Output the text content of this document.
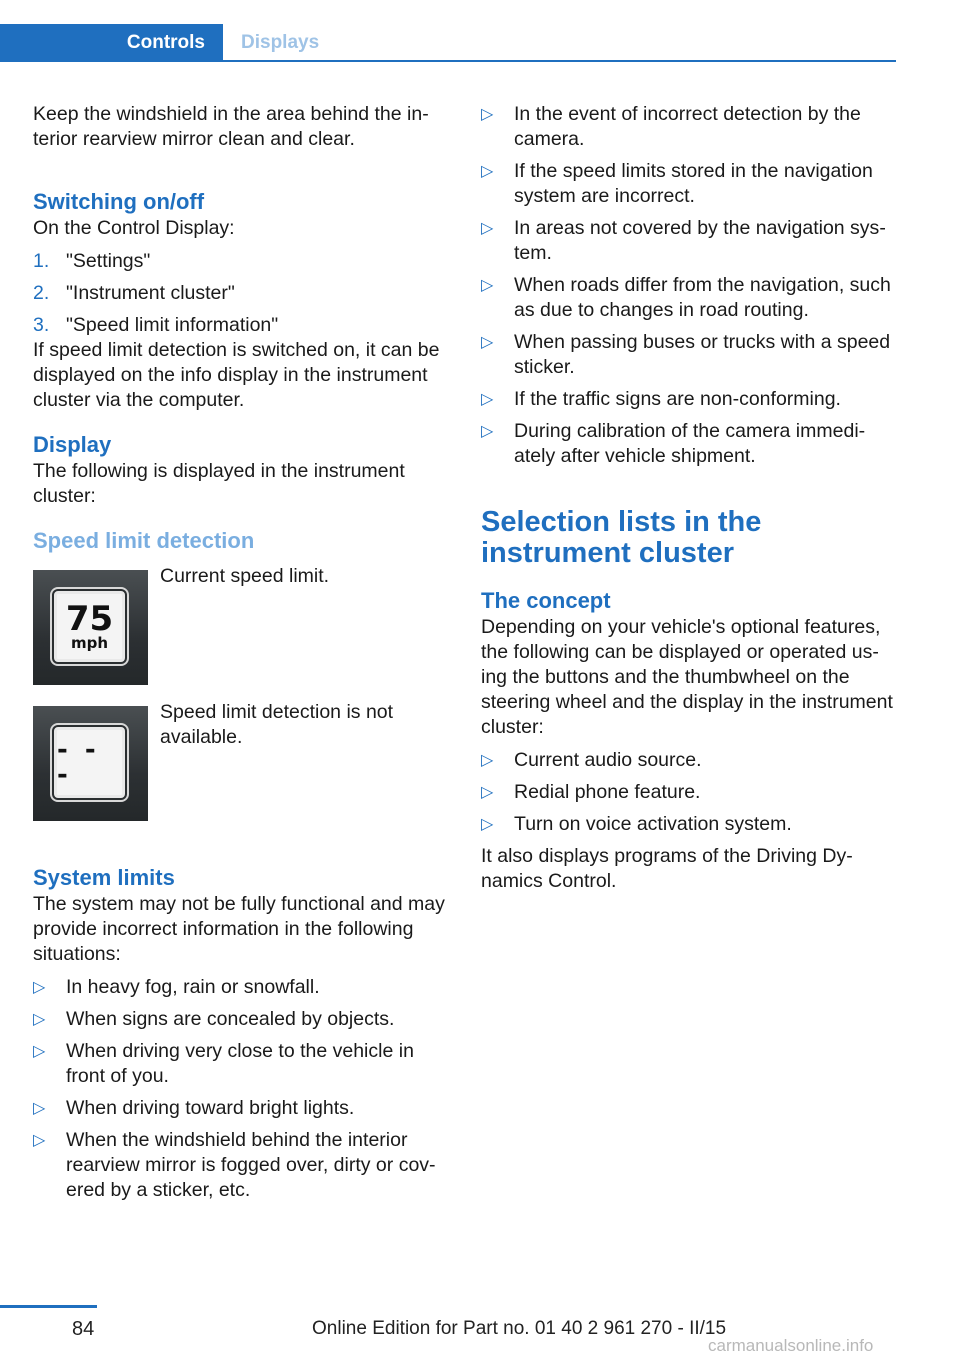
Controls	Displays

Keep the windshield in the area behind the interior rearview mirror clean and clear.

Switching on/off

On the Control Display:

1. "Settings"
2. "Instrument cluster"
3. "Speed limit information"

If speed limit detection is switched on, it can be displayed on the info display in the instrument cluster via the computer.

Display

The following is displayed in the instrument cluster:

Speed limit detection
75
mph
Current speed limit.
- - -
Speed limit detection is not available.
System limits

The system may not be fully functional and may provide incorrect information in the following situations:

▷ In heavy fog, rain or snowfall.
▷ When signs are concealed by objects.
▷ When driving very close to the vehicle in front of you.
▷ When driving toward bright lights.
▷ When the windshield behind the interior rearview mirror is fogged over, dirty or covered by a sticker, etc.
▷ In the event of incorrect detection by the camera.
▷ If the speed limits stored in the navigation system are incorrect.
▷ In areas not covered by the navigation system.
▷ When roads differ from the navigation, such as due to changes in road routing.
▷ When passing buses or trucks with a speed sticker.
▷ If the traffic signs are non-conforming.
▷ During calibration of the camera immediately after vehicle shipment.
Selection lists in the instrument cluster
The concept

Depending on your vehicle's optional features, the following can be displayed or operated using the buttons and the thumbwheel on the steering wheel and the display in the instrument cluster:

▷ Current audio source.
▷ Redial phone feature.
▷ Turn on voice activation system.

It also displays programs of the Driving Dynamics Control.

84	Online Edition for Part no. 01 40 2 961 270 - II/15
carmanualsonline.info
